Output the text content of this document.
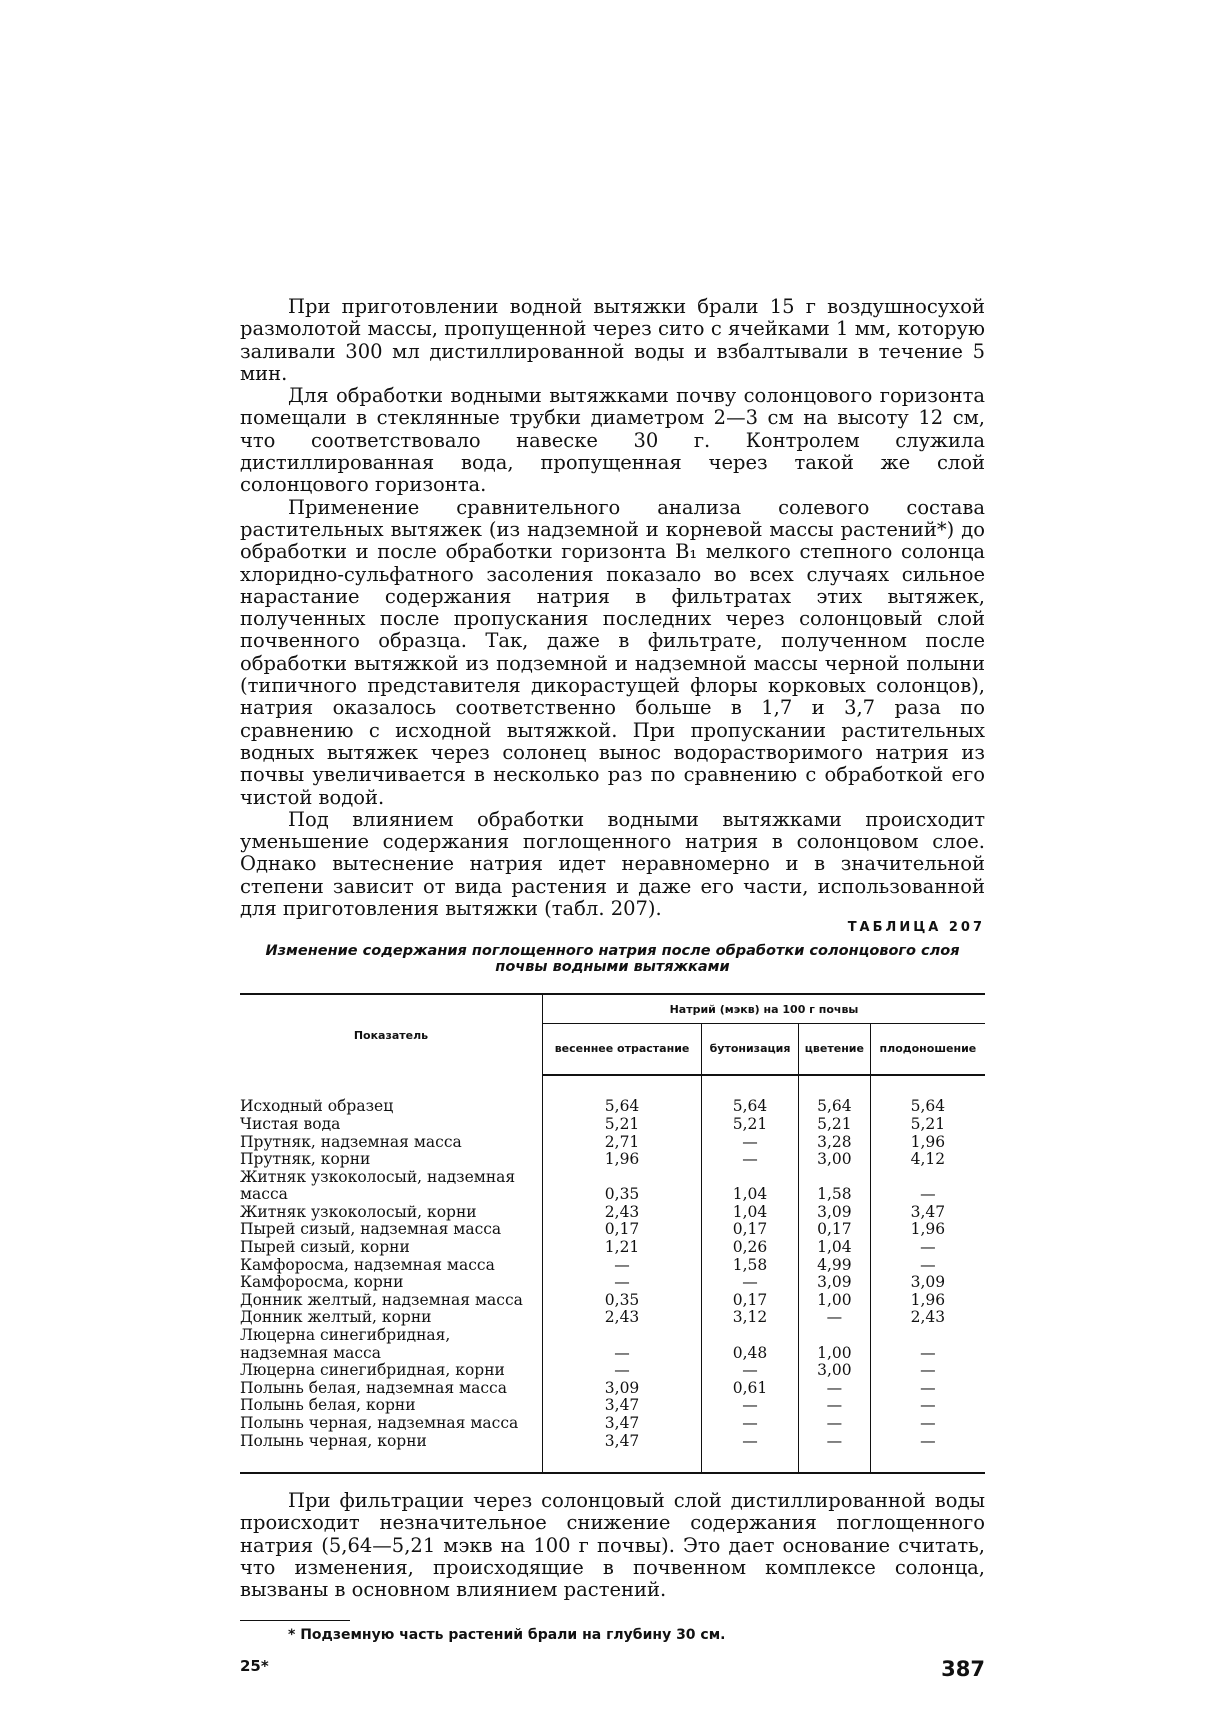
При приготовлении водной вытяжки брали 15 г воздушносухой размолотой массы, пропущенной через сито с ячейками 1 мм, которую заливали 300 мл дистиллированной воды и взбалтывали в течение 5 мин.

Для обработки водными вытяжками почву солонцового горизонта помещали в стеклянные трубки диаметром 2—3 см на высоту 12 см, что соответствовало навеске 30 г. Контролем служила дистиллированная вода, пропущенная через такой же слой солонцового горизонта.

Применение сравнительного анализа солевого состава растительных вытяжек (из надземной и корневой массы растений*) до обработки и после обработки горизонта B₁ мелкого степного солонца хлоридно-сульфатного засоления показало во всех случаях сильное нарастание содержания натрия в фильтратах этих вытяжек, полученных после пропускания последних через солонцовый слой почвенного образца. Так, даже в фильтрате, полученном после обработки вытяжкой из подземной и надземной массы черной полыни (типичного представителя дикорастущей флоры корковых солонцов), натрия оказалось соответственно больше в 1,7 и 3,7 раза по сравнению с исходной вытяжкой. При пропускании растительных водных вытяжек через солонец вынос водорастворимого натрия из почвы увеличивается в несколько раз по сравнению с обработкой его чистой водой.

Под влиянием обработки водными вытяжками происходит уменьшение содержания поглощенного натрия в солонцовом слое. Однако вытеснение натрия идет неравномерно и в значительной степени зависит от вида растения и даже его части, использованной для приготовления вытяжки (табл. 207).

ТАБЛИЦА 207

Изменение содержания поглощенного натрия после обработки солонцового слоя почвы водными вытяжками

Показатель	Натрий (мэкв) на 100 г почвы			
	весеннее отрастание	бутонизация	цветение	плодоношение

Исходный образец	5,64	5,64	5,64	5,64
Чистая вода	5,21	5,21	5,21	5,21
Прутняк, надземная масса	2,71	—	3,28	1,96
Прутняк, корни	1,96	—	3,00	4,12
Житняк узкоколосый, надземная масса	0,35	1,04	1,58	—
Житняк узкоколосый, корни	2,43	1,04	3,09	3,47
Пырей сизый, надземная масса	0,17	0,17	0,17	1,96
Пырей сизый, корни	1,21	0,26	1,04	—
Камфоросма, надземная масса	—	1,58	4,99	—
Камфоросма, корни	—	—	3,09	3,09
Донник желтый, надземная масса	0,35	0,17	1,00	1,96
Донник желтый, корни	2,43	3,12	—	2,43
Люцерна синегибридная, надземная масса	—	0,48	1,00	—
Люцерна синегибридная, корни	—	—	3,00	—
Полынь белая, надземная масса	3,09	0,61	—	—
Полынь белая, корни	3,47	—	—	—
Полынь черная, надземная масса	3,47	—	—	—
Полынь черная, корни	3,47	—	—	—

При фильтрации через солонцовый слой дистиллированной воды происходит незначительное снижение содержания поглощенного натрия (5,64—5,21 мэкв на 100 г почвы). Это дает основание считать, что изменения, происходящие в почвенном комплексе солонца, вызваны в основном влиянием растений.

* Подземную часть растений брали на глубину 30 см.

25*	387
